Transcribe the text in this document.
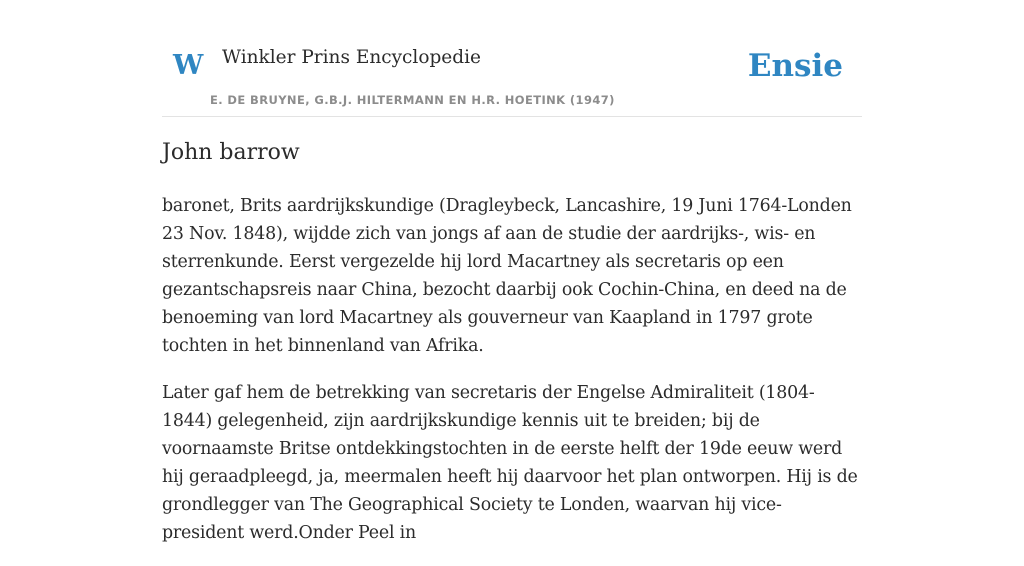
W Winkler Prins Encyclopedie
E. DE BRUYNE, G.B.J. HILTERMANN EN H.R. HOETINK (1947)
Ensie
John barrow

baronet, Brits aardrijkskundige (Dragleybeck, Lancashire, 19 Juni 1764-Londen 23 Nov. 1848), wijdde zich van jongs af aan de studie der aardrijks-, wis- en sterrenkunde. Eerst vergezelde hij lord Macartney als secretaris op een gezantschapsreis naar China, bezocht daarbij ook Cochin-China, en deed na de benoeming van lord Macartney als gouverneur van Kaapland in 1797 grote tochten in het binnenland van Afrika.

Later gaf hem de betrekking van secretaris der Engelse Admiraliteit (1804-1844) gelegenheid, zijn aardrijkskundige kennis uit te breiden; bij de voornaamste Britse ontdekkingstochten in de eerste helft der 19de eeuw werd hij geraadpleegd, ja, meermalen heeft hij daarvoor het plan ontworpen. Hij is de grondlegger van The Geographical Society te Londen, waarvan hij vice-president werd.Onder Peel in
